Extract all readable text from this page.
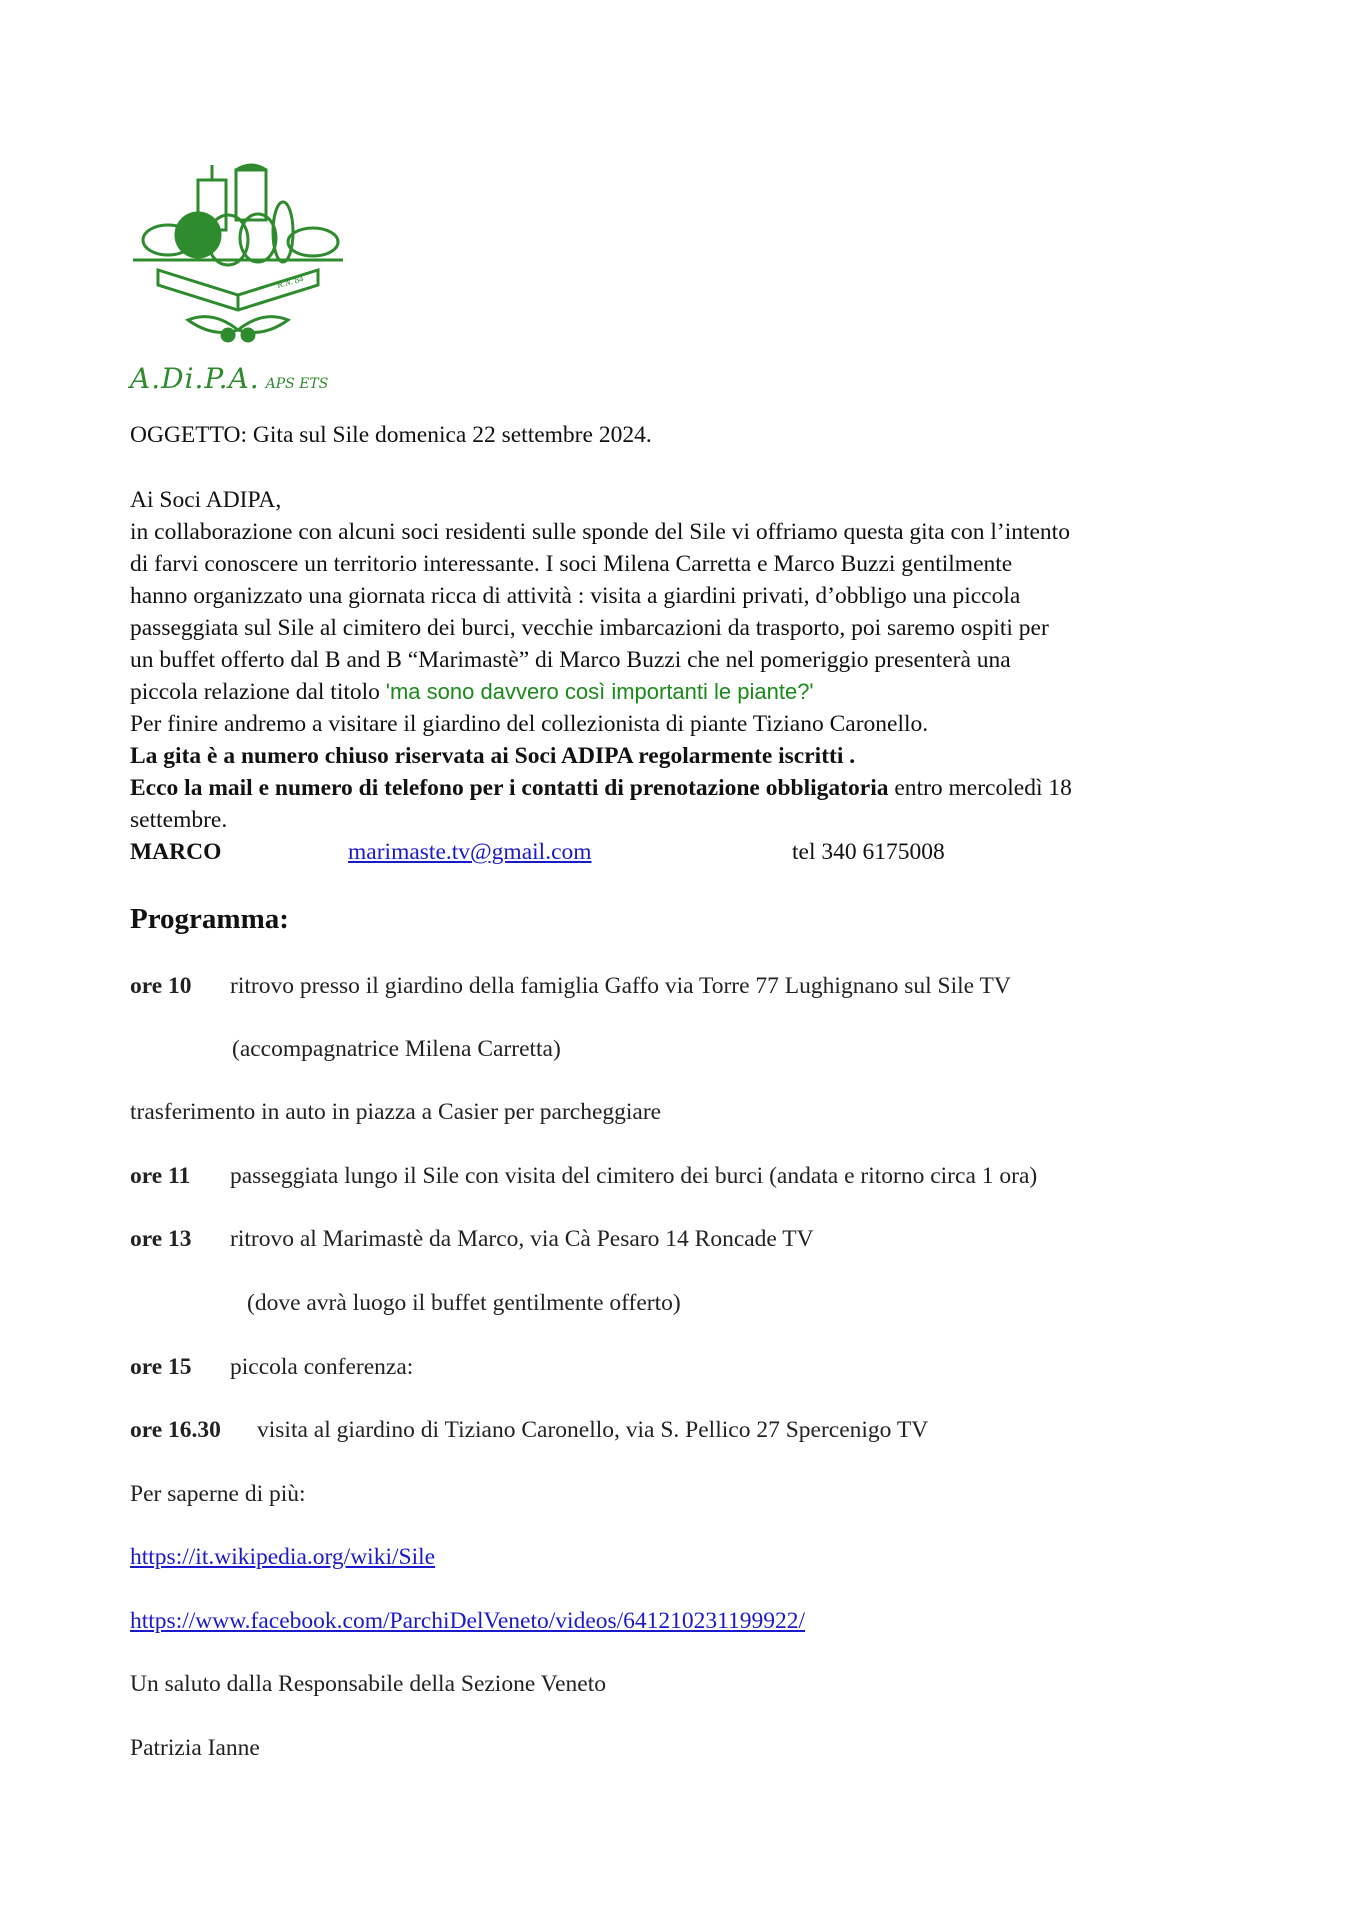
R.N.'84
A.Di.P.A. APS ETS
OGGETTO: Gita sul Sile domenica 22 settembre 2024.
Ai Soci ADIPA,
in collaborazione con alcuni soci residenti sulle sponde del Sile vi offriamo questa gita con l’intento
di farvi conoscere un territorio interessante. I soci Milena Carretta e Marco Buzzi gentilmente
hanno organizzato una giornata ricca di attività : visita a giardini privati, d’obbligo una piccola
passeggiata sul Sile al cimitero dei burci, vecchie imbarcazioni da trasporto, poi saremo ospiti per
un buffet offerto dal B and B “Marimastè” di Marco Buzzi che nel pomeriggio presenterà una
piccola relazione dal titolo 'ma sono davvero così importanti le piante?'
Per finire andremo a visitare il giardino del collezionista di piante Tiziano Caronello.
La gita è a numero chiuso riservata ai Soci ADIPA regolarmente iscritti .
Ecco la mail e numero di telefono per i contatti di prenotazione obbligatoria entro mercoledì 18
settembre.
MARCO	marimaste.tv@gmail.com	tel 340 6175008
Programma:
ore 10 ritrovo presso il giardino della famiglia Gaffo via Torre 77 Lughignano sul Sile TV
(accompagnatrice Milena Carretta)
trasferimento in auto in piazza a Casier per parcheggiare
ore 11 passeggiata lungo il Sile con visita del cimitero dei burci (andata e ritorno circa 1 ora)
ore 13 ritrovo al Marimastè da Marco, via Cà Pesaro 14 Roncade TV
(dove avrà luogo il buffet gentilmente offerto)
ore 15 piccola conferenza:
ore 16.30 visita al giardino di Tiziano Caronello, via S. Pellico 27 Spercenigo TV
Per saperne di più:
https://it.wikipedia.org/wiki/Sile
https://www.facebook.com/ParchiDelVeneto/videos/641210231199922/
Un saluto dalla Responsabile della Sezione Veneto
Patrizia Ianne
